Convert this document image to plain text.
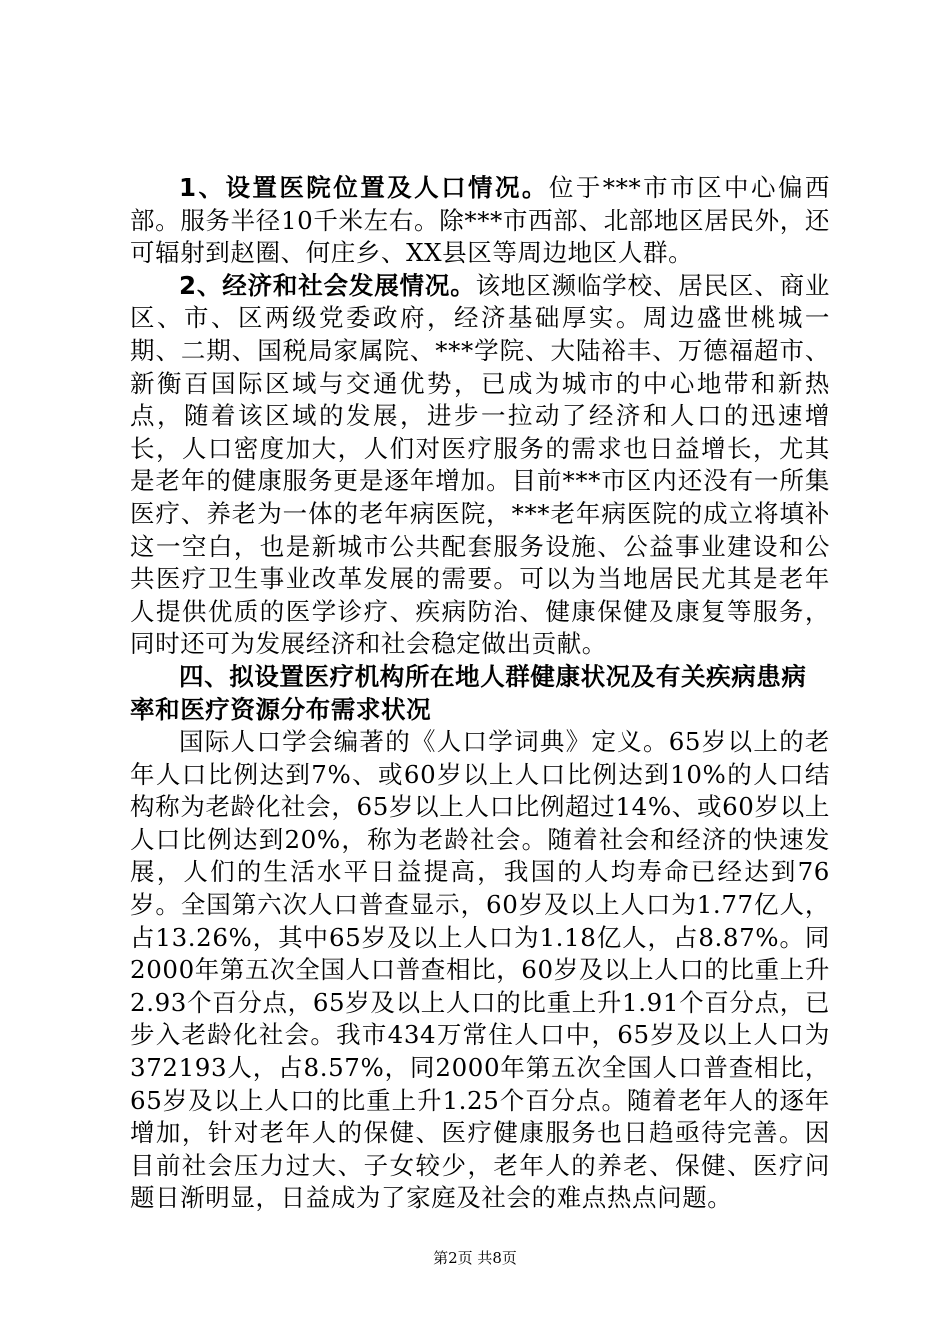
1、设置医院位置及人口情况。位于***市市区中心偏西部。服务半径10千米左右。除***市西部、北部地区居民外，还可辐射到赵圈、何庄乡、XX县区等周边地区人群。

2、经济和社会发展情况。该地区濒临学校、居民区、商业区、市、区两级党委政府，经济基础厚实。周边盛世桃城一期、二期、国税局家属院、***学院、大陆裕丰、万德福超市、新衡百国际区域与交通优势，已成为城市的中心地带和新热点，随着该区域的发展，进步一拉动了经济和人口的迅速增长，人口密度加大，人们对医疗服务的需求也日益增长，尤其是老年的健康服务更是逐年增加。目前***市区内还没有一所集医疗、养老为一体的老年病医院，***老年病医院的成立将填补这一空白，也是新城市公共配套服务设施、公益事业建设和公共医疗卫生事业改革发展的需要。可以为当地居民尤其是老年人提供优质的医学诊疗、疾病防治、健康保健及康复等服务，同时还可为发展经济和社会稳定做出贡献。

四、拟设置医疗机构所在地人群健康状况及有关疾病患病率和医疗资源分布需求状况

国际人口学会编著的《人口学词典》定义。65岁以上的老年人口比例达到7%、或60岁以上人口比例达到10%的人口结构称为老龄化社会，65岁以上人口比例超过14%、或60岁以上人口比例达到20%，称为老龄社会。随着社会和经济的快速发展，人们的生活水平日益提高，我国的人均寿命已经达到76岁。全国第六次人口普查显示，60岁及以上人口为1.77亿人，占13.26%，其中65岁及以上人口为1.18亿人，占8.87%。同2000年第五次全国人口普查相比，60岁及以上人口的比重上升2.93个百分点，65岁及以上人口的比重上升1.91个百分点，已步入老龄化社会。我市434万常住人口中，65岁及以上人口为372193人，占8.57%，同2000年第五次全国人口普查相比，65岁及以上人口的比重上升1.25个百分点。随着老年人的逐年增加，针对老年人的保健、医疗健康服务也日趋亟待完善。因目前社会压力过大、子女较少，老年人的养老、保健、医疗问题日渐明显，日益成为了家庭及社会的难点热点问题。

第2页 共8页
